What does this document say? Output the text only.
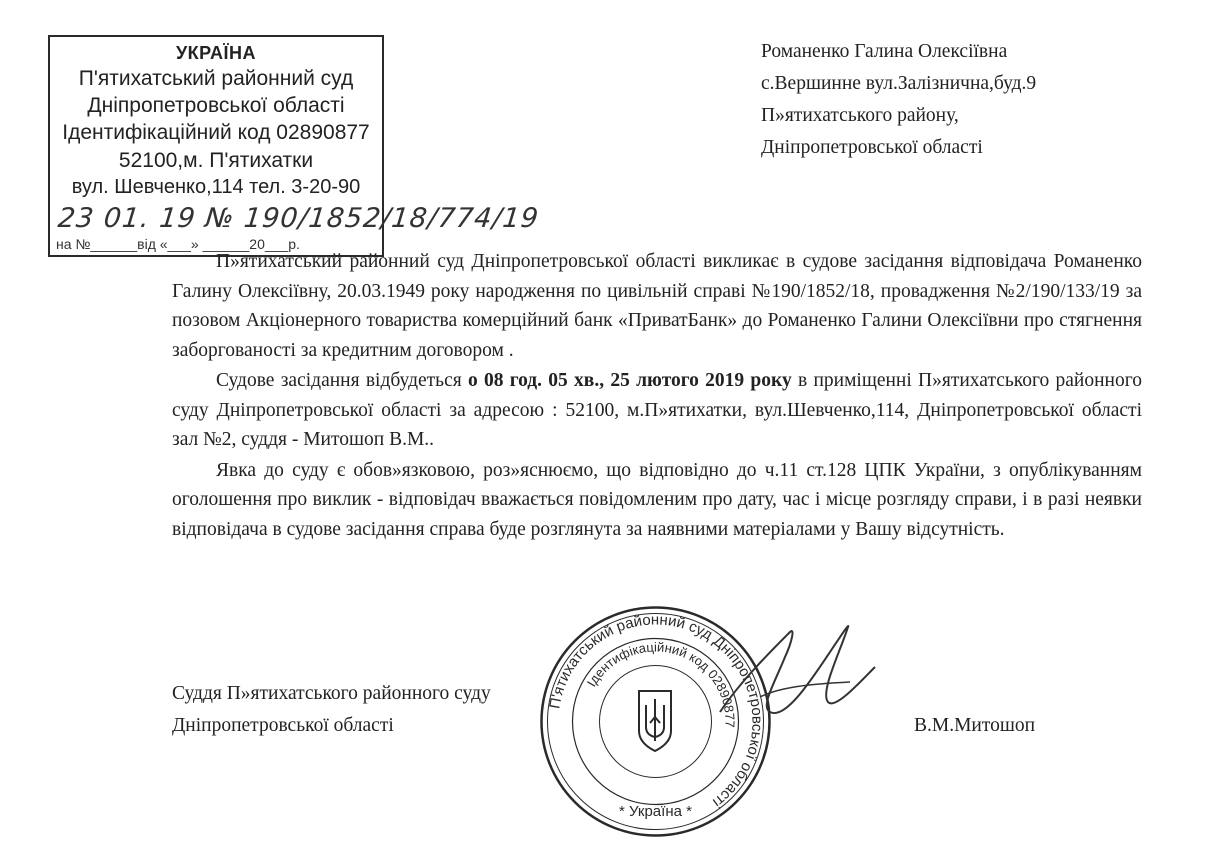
УКРАЇНА
П'ятихатський районний суд
Дніпропетровської області
Ідентифікаційний код 02890877
52100,м. П'ятихатки
вул. Шевченко,114 тел. 3-20-90
23 01. 19 № 190/1852/18/774/19
на №______від «___» ______20___р.
Романенко Галина Олексіївна
с.Вершинне вул.Залізнична,буд.9
П»ятихатського району,
Дніпропетровської області

П»ятихатський районний суд Дніпропетровської області викликає в судове засідання відповідача Романенко Галину Олексіївну, 20.03.1949 року народження по цивільній справі №190/1852/18, провадження №2/190/133/19 за позовом Акціонерного товариства комерційний банк «ПриватБанк» до Романенко Галини Олексіївни про стягнення заборгованості за кредитним договором .

Судове засідання відбудеться о 08 год. 05 хв., 25 лютого 2019 року в приміщенні П»ятихатського районного суду Дніпропетровської області за адресою : 52100, м.П»ятихатки, вул.Шевченко,114, Дніпропетровської області зал №2, суддя - Митошоп В.М..

Явка до суду є обов»язковою, роз»яснюємо, що відповідно до ч.11 ст.128 ЦПК України, з опублікуванням оголошення про виклик - відповідач вважається повідомленим про дату, час і місце розгляду справи, і в разі неявки відповідача в судове засідання справа буде розглянута за наявними матеріалами у Вашу відсутність.

Суддя П»ятихатського районного суду
Дніпропетровської області	В.М.Митошоп
П'ятихатський районний суд Дніпропетровської області
Ідентифікаційний код 02890877
* Україна *
